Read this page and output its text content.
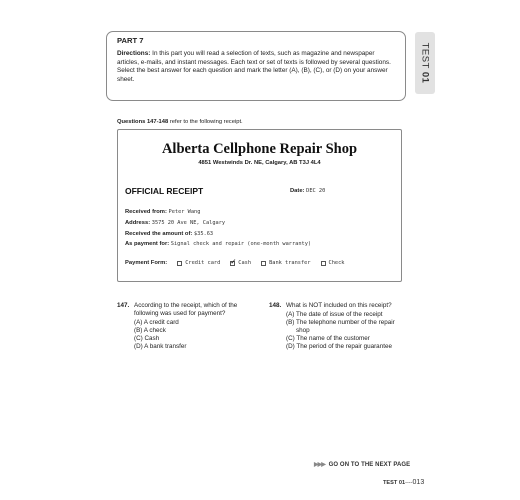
PART 7
Directions: In this part you will read a selection of texts, such as magazine and newspaper articles, e-mails, and instant messages. Each text or set of texts is followed by several questions. Select the best answer for each question and mark the letter (A), (B), (C), or (D) on your answer sheet.
TEST 01
Questions 147-148 refer to the following receipt.
Alberta Cellphone Repair Shop
4851 Westwinds Dr. NE, Calgary, AB T3J 4L4
OFFICIAL RECEIPT	Date: DEC 20
Received from: Peter Wang
Address: 3575 20 Ave NE, Calgary
Received the amount of: $35.63
As payment for: Signal check and repair (one-month warranty)
Payment Form:	Credit card
✓	Cash	Bank transfer	Check
147. According to the receipt, which of the following was used for payment?
(A) A credit card
(B) A check
(C) Cash
(D) A bank transfer
148. What is NOT included on this receipt?
(A) The date of issue of the receipt
(B) The telephone number of the repair shop
(C) The name of the customer
(D) The period of the repair guarantee
▶▶▶ GO ON TO THE NEXT PAGE
TEST 01----013
